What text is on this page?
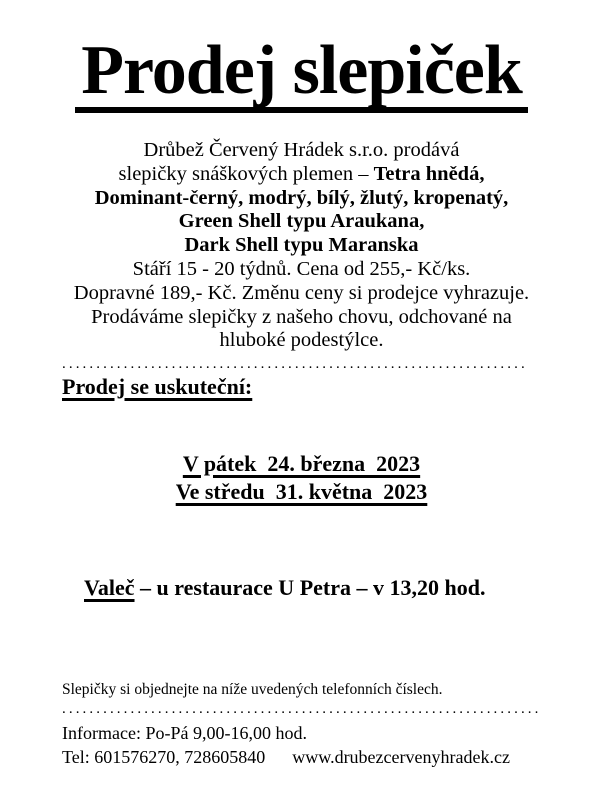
Prodej slepiček
Drůbež Červený Hrádek s.r.o. prodává
slepičky snáškových plemen – Tetra hnědá,
Dominant-černý, modrý, bílý, žlutý, kropenatý,
Green Shell typu Araukana,
Dark Shell typu Maranska
Stáří 15 - 20 týdnů. Cena od 255,- Kč/ks.
Dopravné 189,- Kč. Změnu ceny si prodejce vyhrazuje.
Prodáváme slepičky z našeho chovu, odchované na
hluboké podestýlce.
....................................................................
Prodej se uskuteční:
V pátek  24. března  2023
Ve středu  31. května  2023

Valeč – u restaurace U Petra – v 13,20 hod.

Slepičky si objednejte na níže uvedených telefonních číslech.
......................................................................
Informace: Po-Pá 9,00-16,00 hod.
Tel: 601576270, 728605840 www.drubezcervenyhradek.cz
